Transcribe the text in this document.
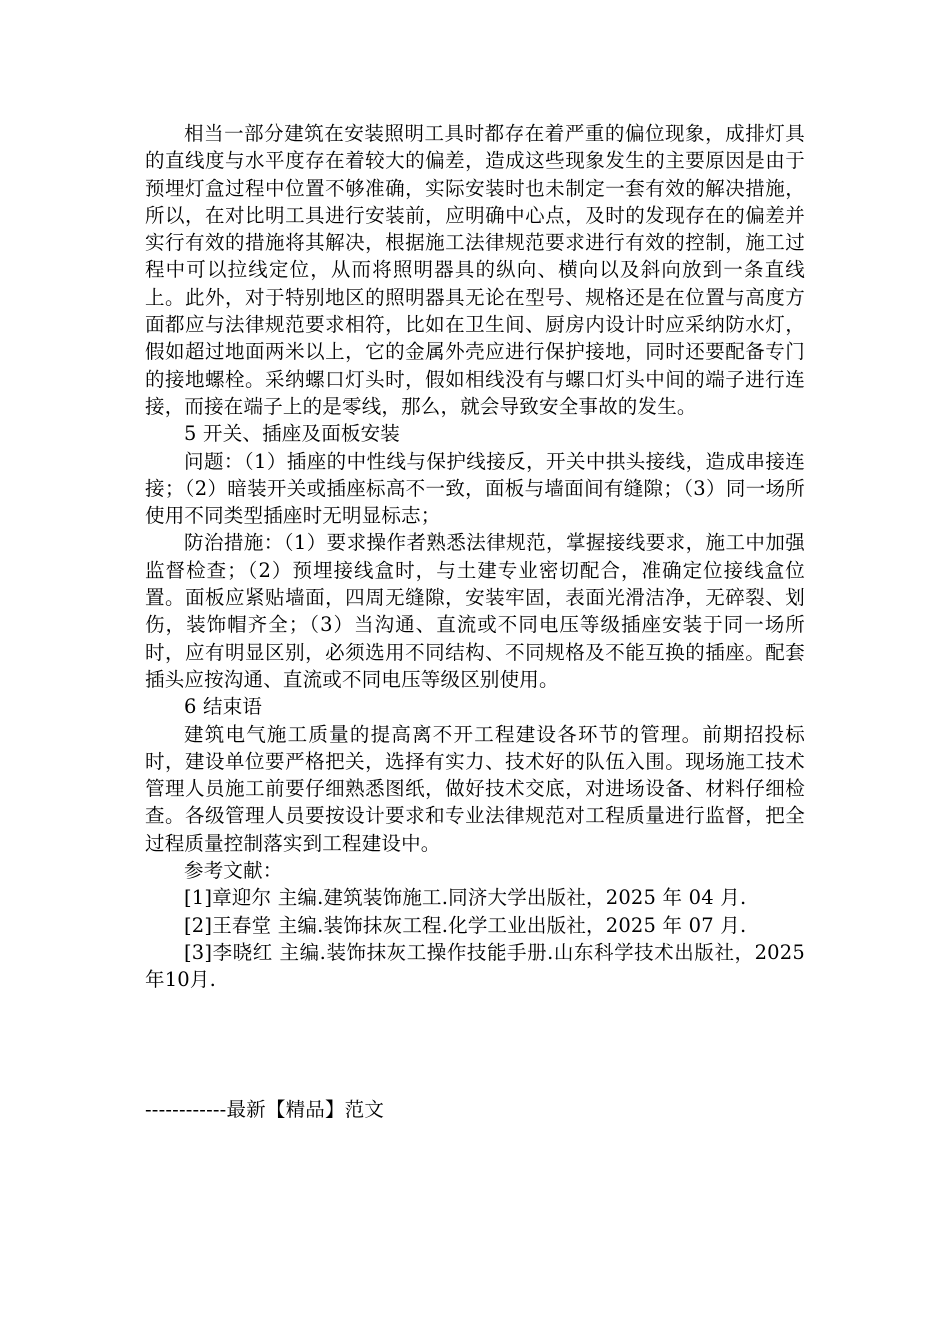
相当一部分建筑在安装照明工具时都存在着严重的偏位现象，成排灯具的直线度与水平度存在着较大的偏差，造成这些现象发生的主要原因是由于预埋灯盒过程中位置不够准确，实际安装时也未制定一套有效的解决措施，所以，在对比明工具进行安装前，应明确中心点，及时的发现存在的偏差并实行有效的措施将其解决，根据施工法律规范要求进行有效的控制，施工过程中可以拉线定位，从而将照明器具的纵向、横向以及斜向放到一条直线上。此外，对于特别地区的照明器具无论在型号、规格还是在位置与高度方面都应与法律规范要求相符，比如在卫生间、厨房内设计时应采纳防水灯，假如超过地面两米以上，它的金属外壳应进行保护接地，同时还要配备专门的接地螺栓。采纳螺口灯头时，假如相线没有与螺口灯头中间的端子进行连接，而接在端子上的是零线，那么，就会导致安全事故的发生。

5 开关、插座及面板安装

问题：（1）插座的中性线与保护线接反，开关中拱头接线，造成串接连接；（2）暗装开关或插座标高不一致，面板与墙面间有缝隙；（3）同一场所使用不同类型插座时无明显标志；

防治措施：（1）要求操作者熟悉法律规范，掌握接线要求，施工中加强监督检查；（2）预埋接线盒时，与土建专业密切配合，准确定位接线盒位置。面板应紧贴墙面，四周无缝隙，安装牢固，表面光滑洁净，无碎裂、划伤，装饰帽齐全；（3）当沟通、直流或不同电压等级插座安装于同一场所时，应有明显区别，必须选用不同结构、不同规格及不能互换的插座。配套插头应按沟通、直流或不同电压等级区别使用。

6 结束语

建筑电气施工质量的提高离不开工程建设各环节的管理。前期招投标时，建设单位要严格把关，选择有实力、技术好的队伍入围。现场施工技术管理人员施工前要仔细熟悉图纸，做好技术交底，对进场设备、材料仔细检查。各级管理人员要按设计要求和专业法律规范对工程质量进行监督，把全过程质量控制落实到工程建设中。

参考文献：

[1]章迎尔 主编.建筑装饰施工.同济大学出版社，2025 年 04 月.

[2]王春堂 主编.装饰抹灰工程.化学工业出版社，2025 年 07 月.

[3]李晓红 主编.装饰抹灰工操作技能手册.山东科学技术出版社，2025年10月.

------------最新【精品】范文
